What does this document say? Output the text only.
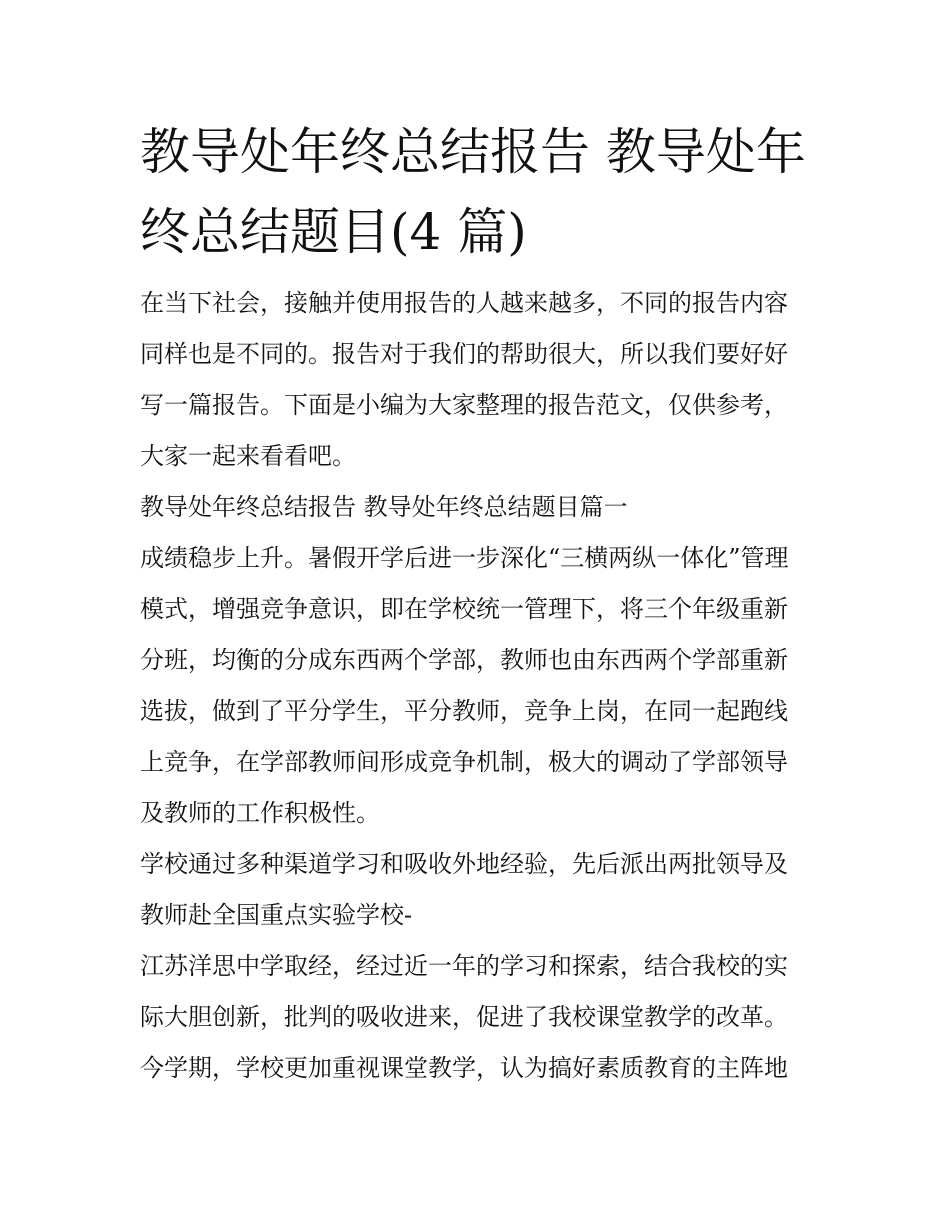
教导处年终总结报告 教导处年
终总结题目(4 篇)
在当下社会，接触并使用报告的人越来越多，不同的报告内容
同样也是不同的。报告对于我们的帮助很大，所以我们要好好
写一篇报告。下面是小编为大家整理的报告范文，仅供参考，
大家一起来看看吧。
教导处年终总结报告 教导处年终总结题目篇一
成绩稳步上升。暑假开学后进一步深化“三横两纵一体化”管理
模式，增强竞争意识，即在学校统一管理下，将三个年级重新
分班，均衡的分成东西两个学部，教师也由东西两个学部重新
选拔，做到了平分学生，平分教师，竞争上岗，在同一起跑线
上竞争，在学部教师间形成竞争机制，极大的调动了学部领导
及教师的工作积极性。
学校通过多种渠道学习和吸收外地经验，先后派出两批领导及
教师赴全国重点实验学校-
江苏洋思中学取经，经过近一年的学习和探索，结合我校的实
际大胆创新，批判的吸收进来，促进了我校课堂教学的改革。
今学期，学校更加重视课堂教学，认为搞好素质教育的主阵地
